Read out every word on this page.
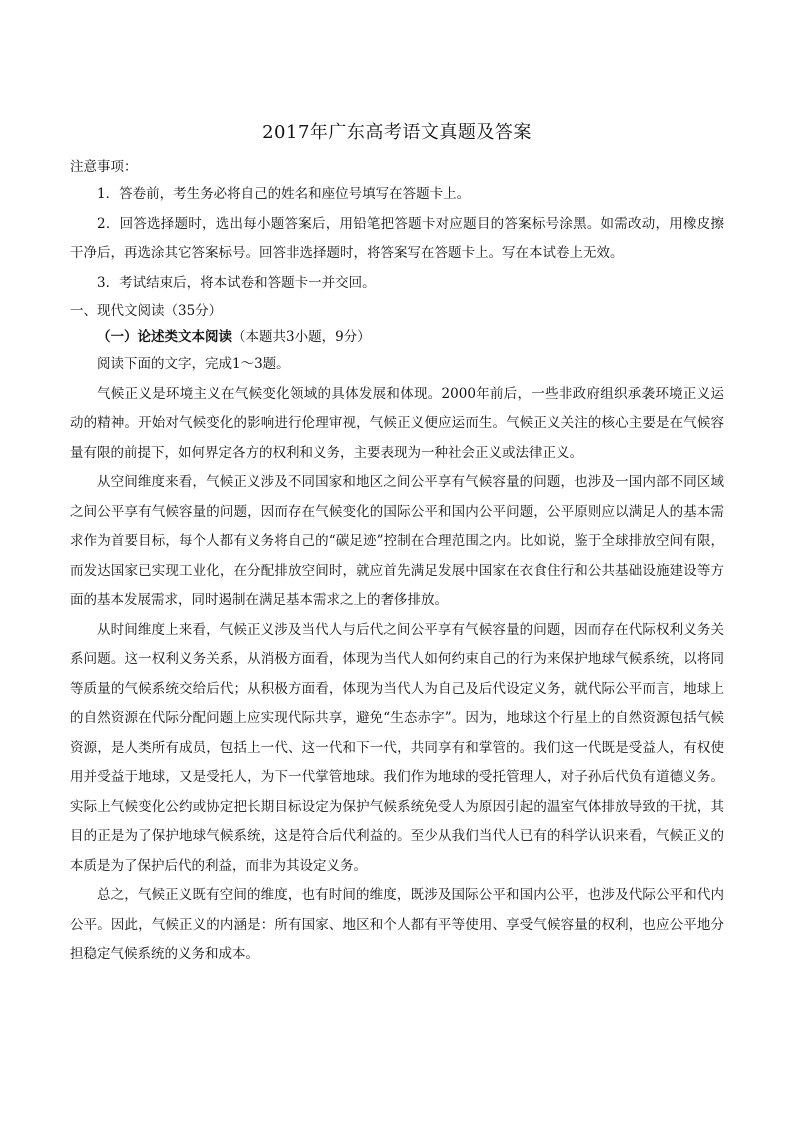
2017年广东高考语文真题及答案

注意事项：

1．答卷前，考生务必将自己的姓名和座位号填写在答题卡上。

2．回答选择题时，选出每小题答案后，用铅笔把答题卡对应题目的答案标号涂黑。如需改动，用橡皮擦干净后，再选涂其它答案标号。回答非选择题时，将答案写在答题卡上。写在本试卷上无效。

3．考试结束后，将本试卷和答题卡一并交回。

一、现代文阅读（35分）

（一）论述类文本阅读（本题共3小题，9分）

阅读下面的文字，完成1～3题。

气候正义是环境主义在气候变化领域的具体发展和体现。2000年前后，一些非政府组织承袭环境正义运动的精神。开始对气候变化的影响进行伦理审视，气候正义便应运而生。气候正义关注的核心主要是在气候容量有限的前提下，如何界定各方的权利和义务，主要表现为一种社会正义或法律正义。

从空间维度来看，气候正义涉及不同国家和地区之间公平享有气候容量的问题，也涉及一国内部不同区域之间公平享有气候容量的问题，因而存在气候变化的国际公平和国内公平问题，公平原则应以满足人的基本需求作为首要目标，每个人都有义务将自己的“碳足迹”控制在合理范围之内。比如说，鉴于全球排放空间有限，而发达国家已实现工业化，在分配排放空间时，就应首先满足发展中国家在衣食住行和公共基础设施建设等方面的基本发展需求，同时遏制在满足基本需求之上的奢侈排放。

从时间维度上来看，气候正义涉及当代人与后代之间公平享有气候容量的问题，因而存在代际权利义务关系问题。这一权利义务关系，从消极方面看，体现为当代人如何约束自己的行为来保护地球气候系统，以将同等质量的气候系统交给后代；从积极方面看，体现为当代人为自己及后代设定义务，就代际公平而言，地球上的自然资源在代际分配问题上应实现代际共享，避免“生态赤字”。因为，地球这个行星上的自然资源包括气候资源，是人类所有成员，包括上一代、这一代和下一代，共同享有和掌管的。我们这一代既是受益人，有权使用并受益于地球，又是受托人，为下一代掌管地球。我们作为地球的受托管理人，对子孙后代负有道德义务。实际上气候变化公约或协定把长期目标设定为保护气候系统免受人为原因引起的温室气体排放导致的干扰，其目的正是为了保护地球气候系统，这是符合后代利益的。至少从我们当代人已有的科学认识来看，气候正义的本质是为了保护后代的利益，而非为其设定义务。

总之，气候正义既有空间的维度，也有时间的维度，既涉及国际公平和国内公平，也涉及代际公平和代内公平。因此，气候正义的内涵是：所有国家、地区和个人都有平等使用、享受气候容量的权利，也应公平地分担稳定气候系统的义务和成本。
